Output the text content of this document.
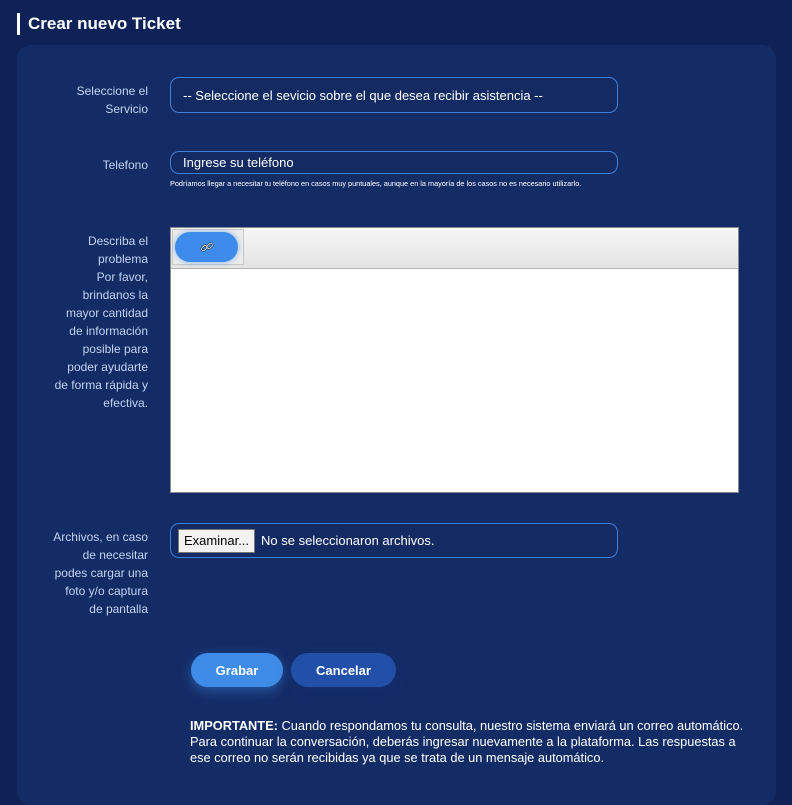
Crear nuevo Ticket
Seleccione el Servicio
-- Seleccione el sevicio sobre el que desea recibir asistencia --
Telefono	Ingrese su teléfono
Podríamos llegar a necesitar tu teléfono en casos muy puntuales, aunque en la mayoría de los casos no es necesario utilizarlo.
Describa el
problema
Por favor,
brindanos la
mayor cantidad
de información
posible para
poder ayudarte
de forma rápida y
efectiva.
Archivos, en caso
de necesitar
podes cargar una
foto y/o captura
de pantalla
Examinar... No se seleccionaron archivos.
Grabar	Cancelar
IMPORTANTE: Cuando respondamos tu consulta, nuestro sistema enviará un correo automático. Para continuar la conversación, deberás ingresar nuevamente a la plataforma. Las respuestas a ese correo no serán recibidas ya que se trata de un mensaje automático.
